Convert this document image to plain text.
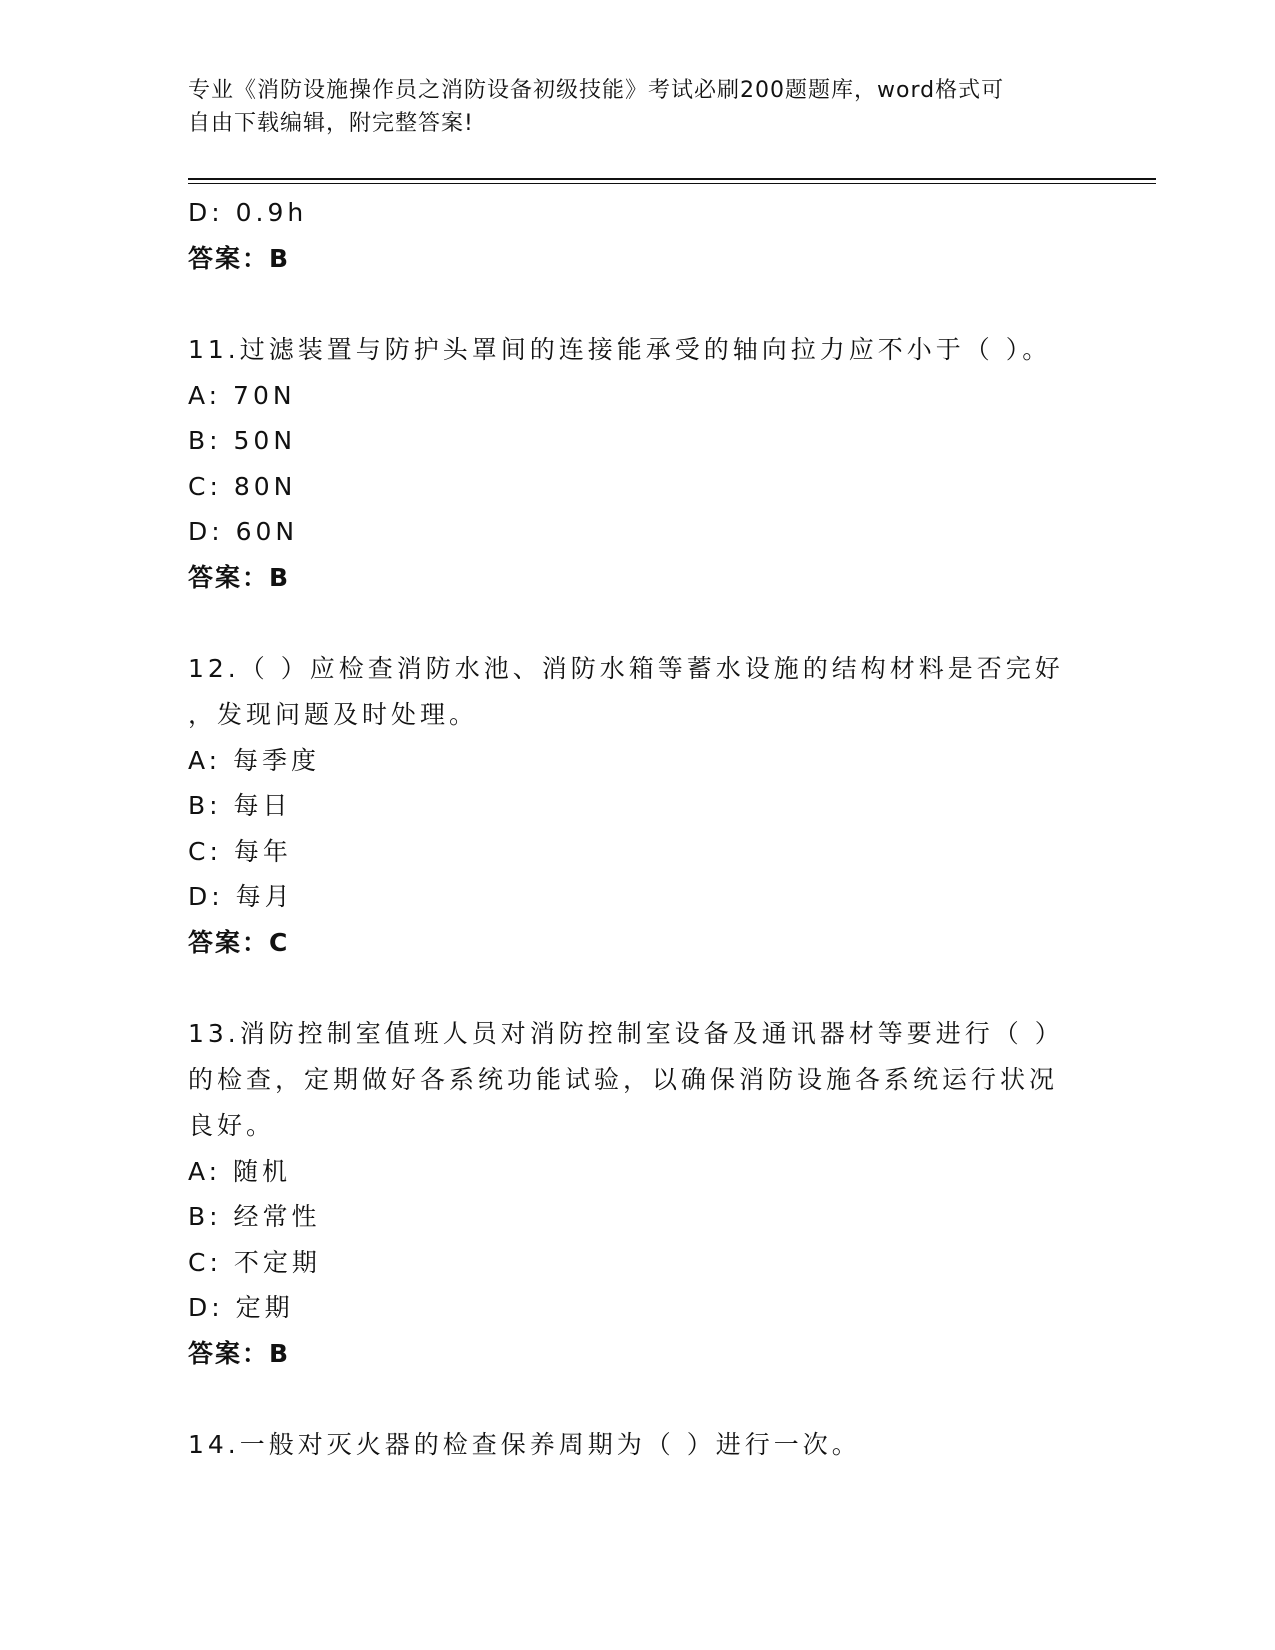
专业《消防设施操作员之消防设备初级技能》考试必刷200题题库，word格式可
自由下载编辑，附完整答案!
D: 0.9h
答案：B
11.过滤装置与防护头罩间的连接能承受的轴向拉力应不小于（ ）。
A: 70N
B: 50N
C: 80N
D: 60N
答案：B
12.（ ）应检查消防水池、消防水箱等蓄水设施的结构材料是否完好
，发现问题及时处理。
A: 每季度
B: 每日
C: 每年
D: 每月
答案：C
13.消防控制室值班人员对消防控制室设备及通讯器材等要进行（ ）
的检查，定期做好各系统功能试验，以确保消防设施各系统运行状况
良好。
A: 随机
B: 经常性
C: 不定期
D: 定期
答案：B
14.一般对灭火器的检查保养周期为（ ）进行一次。
